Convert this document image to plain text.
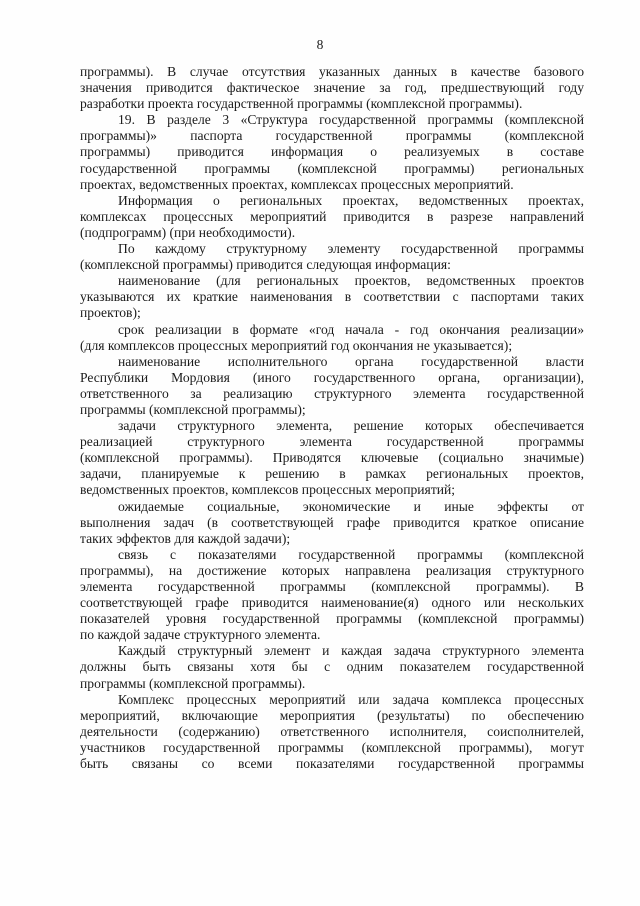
8
программы). В случае отсутствия указанных данных в качестве базового
значения приводится фактическое значение за год, предшествующий году
разработки проекта государственной программы (комплексной программы).
19. В разделе 3 «Структура государственной программы (комплексной
программы)» паспорта государственной программы (комплексной
программы) приводится информация о реализуемых в составе
государственной программы (комплексной программы) региональных
проектах, ведомственных проектах, комплексах процессных мероприятий.
Информация о региональных проектах, ведомственных проектах,
комплексах процессных мероприятий приводится в разрезе направлений
(подпрограмм) (при необходимости).
По каждому структурному элементу государственной программы
(комплексной программы) приводится следующая информация:
наименование (для региональных проектов, ведомственных проектов
указываются их краткие наименования в соответствии с паспортами таких
проектов);
срок реализации в формате «год начала - год окончания реализации»
(для комплексов процессных мероприятий год окончания не указывается);
наименование исполнительного органа государственной власти
Республики Мордовия (иного государственного органа, организации),
ответственного за реализацию структурного элемента государственной
программы (комплексной программы);
задачи структурного элемента, решение которых обеспечивается
реализацией структурного элемента государственной программы
(комплексной программы). Приводятся ключевые (социально значимые)
задачи, планируемые к решению в рамках региональных проектов,
ведомственных проектов, комплексов процессных мероприятий;
ожидаемые социальные, экономические и иные эффекты от
выполнения задач (в соответствующей графе приводится краткое описание
таких эффектов для каждой задачи);
связь с показателями государственной программы (комплексной
программы), на достижение которых направлена реализация структурного
элемента государственной программы (комплексной программы). В
соответствующей графе приводится наименование(я) одного или нескольких
показателей уровня государственной программы (комплексной программы)
по каждой задаче структурного элемента.
Каждый структурный элемент и каждая задача структурного элемента
должны быть связаны хотя бы с одним показателем государственной
программы (комплексной программы).
Комплекс процессных мероприятий или задача комплекса процессных
мероприятий, включающие мероприятия (результаты) по обеспечению
деятельности (содержанию) ответственного исполнителя, соисполнителей,
участников государственной программы (комплексной программы), могут
быть связаны со всеми показателями государственной программы
